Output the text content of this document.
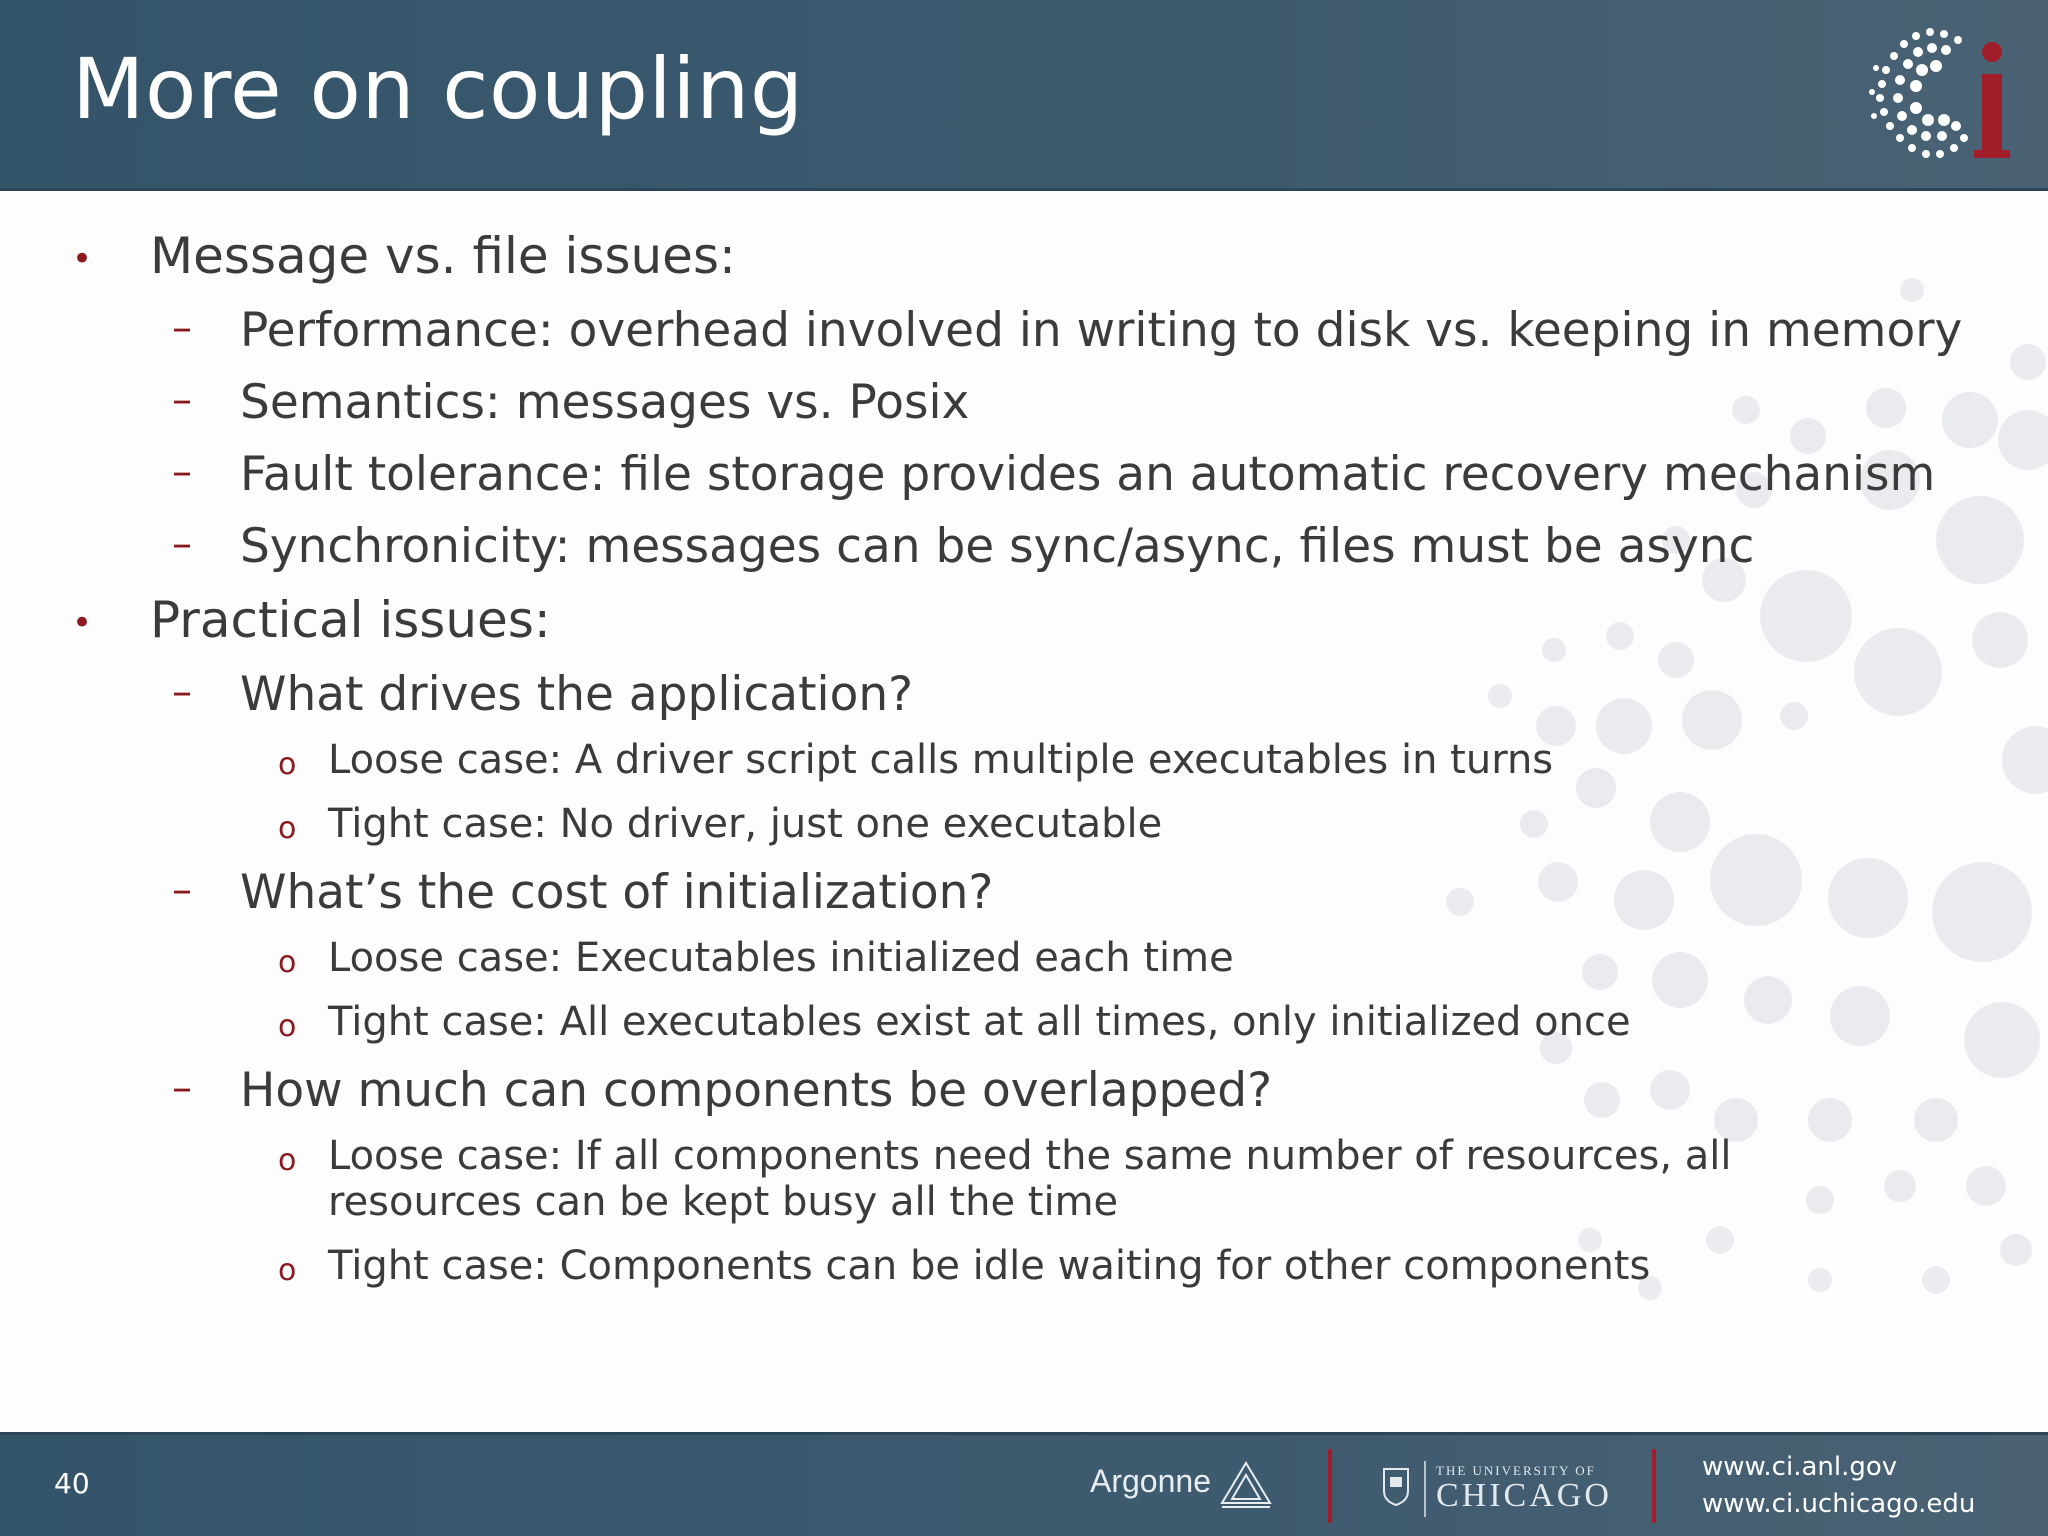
More on coupling
• Message vs. file issues:
– Performance: overhead involved in writing to disk vs. keeping in memory
– Semantics: messages vs. Posix
– Fault tolerance: file storage provides an automatic recovery mechanism
– Synchronicity: messages can be sync/async, files must be async
• Practical issues:
– What drives the application?
o Loose case: A driver script calls multiple executables in turns
o Tight case: No driver, just one executable
– What’s the cost of initialization?
o Loose case: Executables initialized each time
o Tight case: All executables exist at all times, only initialized once
– How much can components be overlapped?
o Loose case: If all components need the same number of resources, all resources can be kept busy all the time
o Tight case: Components can be idle waiting for other components
40	Argonne	THE UNIVERSITY OF
CHICAGO
www.ci.anl.gov
www.ci.uchicago.edu
